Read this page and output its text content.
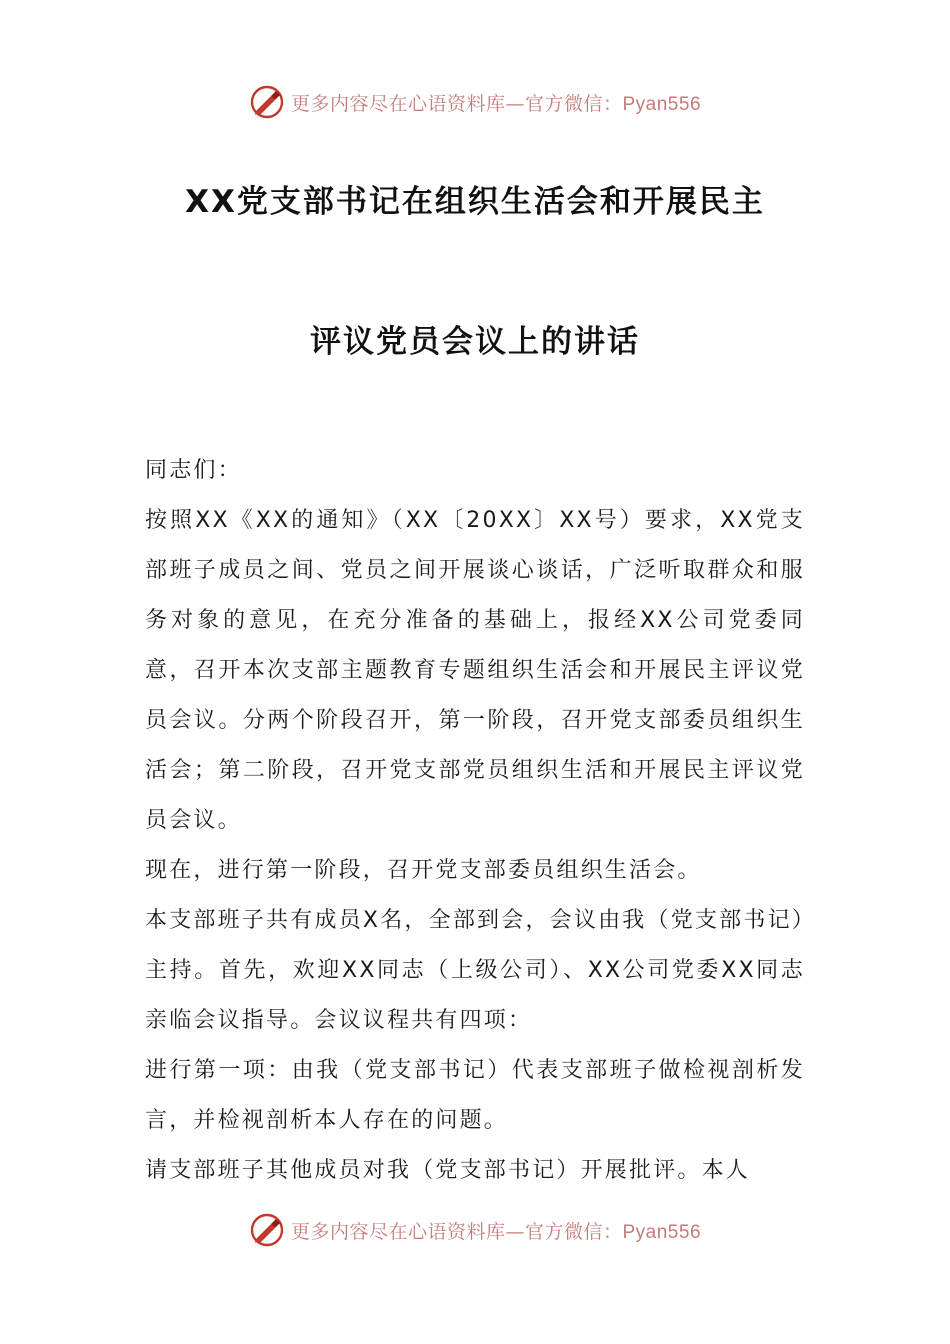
更多内容尽在心语资料库—官方微信：Pyan556
XX党支部书记在组织生活会和开展民主
评议党员会议上的讲话

同志们：

按照XX《XX的通知》（XX〔20XX〕XX号）要求，XX党支部班子成员之间、党员之间开展谈心谈话，广泛听取群众和服务对象的意见，在充分准备的基础上，报经XX公司党委同意，召开本次支部主题教育专题组织生活会和开展民主评议党员会议。分两个阶段召开，第一阶段，召开党支部委员组织生活会；第二阶段，召开党支部党员组织生活和开展民主评议党员会议。

现在，进行第一阶段，召开党支部委员组织生活会。

本支部班子共有成员X名，全部到会，会议由我（党支部书记）主持。首先，欢迎XX同志（上级公司）、XX公司党委XX同志亲临会议指导。会议议程共有四项：

进行第一项：由我（党支部书记）代表支部班子做检视剖析发言，并检视剖析本人存在的问题。

请支部班子其他成员对我（党支部书记）开展批评。本人

更多内容尽在心语资料库—官方微信：Pyan556
